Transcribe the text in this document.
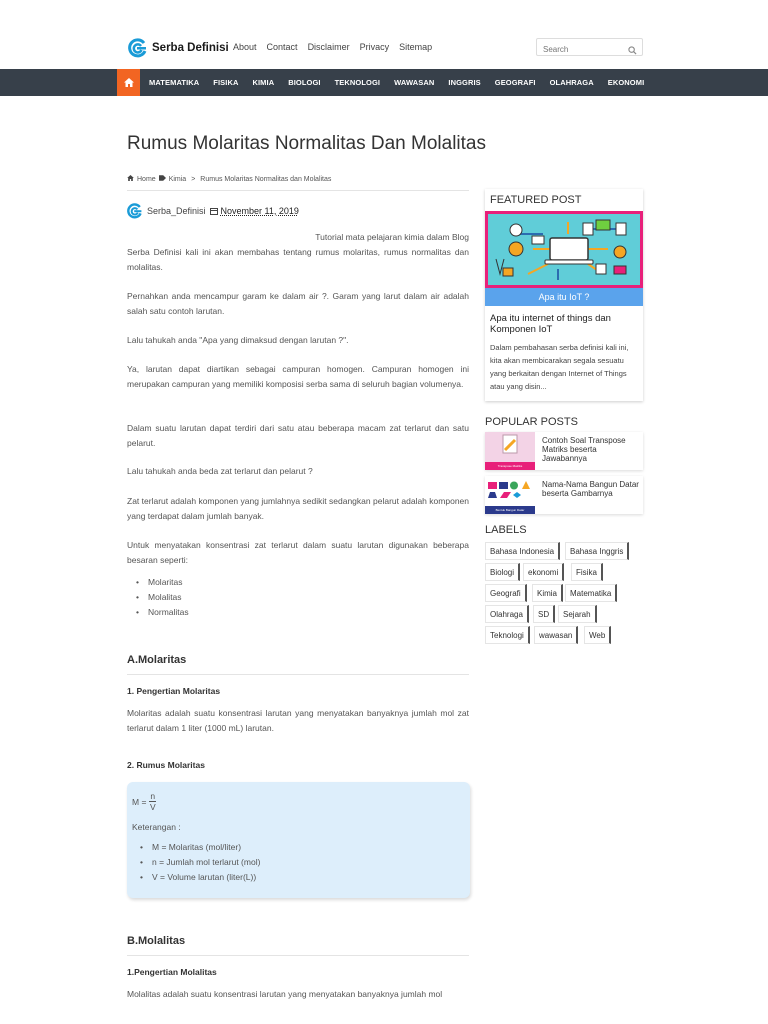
Serba Definisi About Contact Disclaimer Privacy Sitemap
Search
MATEMATIKA FISIKA KIMIA BIOLOGI TEKNOLOGI WAWASAN INGGRIS GEOGRAFI OLAHRAGA EKONOMI
Rumus Molaritas Normalitas Dan Molalitas
Home Kimia > Rumus Molaritas Normalitas dan Molalitas
Serba_Definisi November 11, 2019

Tutorial mata pelajaran kimia dalam Blog

Serba Definisi kali ini akan membahas tentang rumus molaritas, rumus normalitas dan molalitas.

Pernahkan anda mencampur garam ke dalam air ?. Garam yang larut dalam air adalah salah satu contoh larutan.

Lalu tahukah anda "Apa yang dimaksud dengan larutan ?".

Ya, larutan dapat diartikan sebagai campuran homogen. Campuran homogen ini merupakan campuran yang memiliki komposisi serba sama di seluruh bagian volumenya.

Dalam suatu larutan dapat terdiri dari satu atau beberapa macam zat terlarut dan satu pelarut.

Lalu tahukah anda beda zat terlarut dan pelarut ?

Zat terlarut adalah komponen yang jumlahnya sedikit sedangkan pelarut adalah komponen yang terdapat dalam jumlah banyak.

Untuk menyatakan konsentrasi zat terlarut dalam suatu larutan digunakan beberapa besaran seperti:

• Molaritas
• Molalitas
• Normalitas
A.Molaritas
1. Pengertian Molaritas

Molaritas adalah suatu konsentrasi larutan yang menyatakan banyaknya jumlah mol zat terlarut dalam 1 liter (1000 mL) larutan.

2. Rumus Molaritas
$M = \frac{n}{V}$
Keterangan :
• M = Molaritas (mol/liter)
• n = Jumlah mol terlarut (mol)
• V = Volume larutan (liter(L))
B.Molalitas
1.Pengertian Molalitas

Molalitas adalah suatu konsentrasi larutan yang menyatakan banyaknya jumlah mol

FEATURED POST
Apa itu IoT ?
Apa itu internet of things dan Komponen IoT
Dalam pembahasan serba definisi kali ini, kita akan membicarakan segala sesuatu yang berkaitan dengan Internet of Things atau yang disin...
POPULAR POSTS
Transpose Matriks
Contoh Soal Transpose Matriks beserta Jawabannya
Bentuk Bangun Datar
Nama-Nama Bangun Datar beserta Gambarnya
LABELS
Bahasa Indonesia	Bahasa Inggris
Biologi	ekonomi	Fisika
Geografi	Kimia	Matematika
Olahraga	SD	Sejarah
Teknologi	wawasan	Web
